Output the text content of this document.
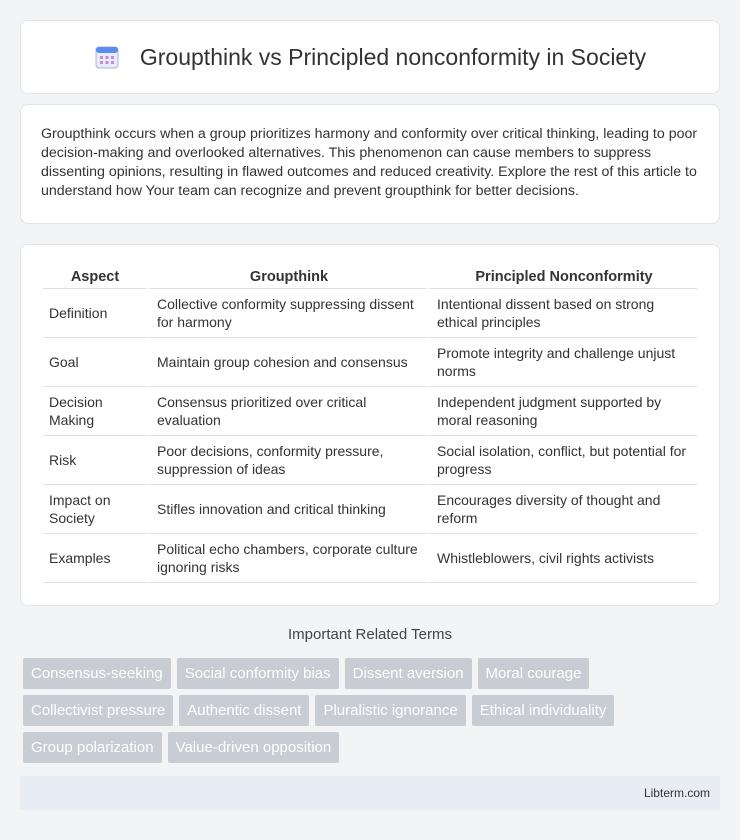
Groupthink vs Principled nonconformity in Society

Groupthink occurs when a group prioritizes harmony and conformity over critical thinking, leading to poor decision-making and overlooked alternatives. This phenomenon can cause members to suppress dissenting opinions, resulting in flawed outcomes and reduced creativity. Explore the rest of this article to understand how Your team can recognize and prevent groupthink for better decisions.

Aspect	Groupthink	Principled Nonconformity
Definition	Collective conformity suppressing dissent for harmony	Intentional dissent based on strong ethical principles
Goal	Maintain group cohesion and consensus	Promote integrity and challenge unjust norms
Decision Making	Consensus prioritized over critical evaluation	Independent judgment supported by moral reasoning
Risk	Poor decisions, conformity pressure, suppression of ideas	Social isolation, conflict, but potential for progress
Impact on Society	Stifles innovation and critical thinking	Encourages diversity of thought and reform
Examples	Political echo chambers, corporate culture ignoring risks	Whistleblowers, civil rights activists
Important Related Terms
Consensus-seeking	Social conformity bias	Dissent aversion	Moral courage
Collectivist pressure	Authentic dissent	Pluralistic ignorance	Ethical individuality
Group polarization	Value-driven opposition
Libterm.com
